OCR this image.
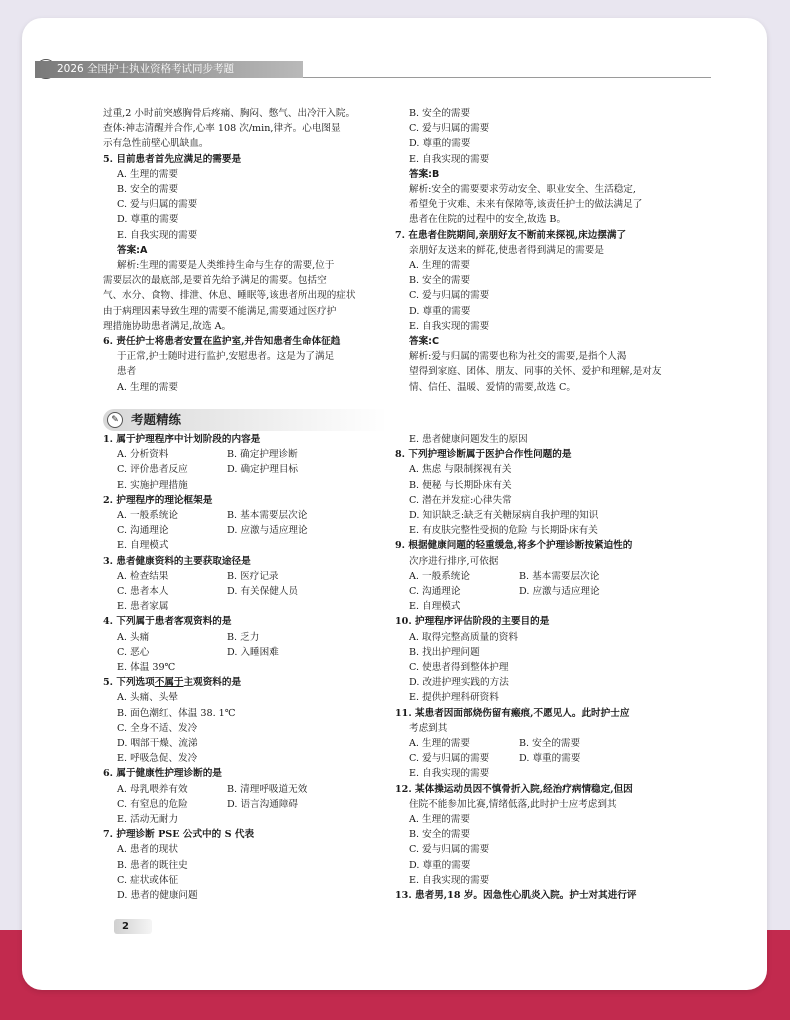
2026 全国护士执业资格考试同步考题
过重,2 小时前突感胸骨后疼痛、胸闷、憋气、出冷汗入院。
查体:神志清醒并合作,心率 108 次/min,律齐。心电图显
示有急性前壁心肌缺血。
5. 目前患者首先应满足的需要是
A. 生理的需要
B. 安全的需要
C. 爱与归属的需要
D. 尊重的需要
E. 自我实现的需要
答案:A
解析:生理的需要是人类维持生命与生存的需要,位于
需要层次的最底部,是要首先给予满足的需要。包括空
气、水分、食物、排泄、休息、睡眠等,该患者所出现的症状
由于病理因素导致生理的需要不能满足,需要通过医疗护
理措施协助患者满足,故选 A。
6. 责任护士将患者安置在监护室,并告知患者生命体征趋
于正常,护士随时进行监护,安慰患者。这是为了满足
患者
A. 生理的需要
B. 安全的需要
C. 爱与归属的需要
D. 尊重的需要
E. 自我实现的需要
答案:B
解析:安全的需要要求劳动安全、职业安全、生活稳定,
希望免于灾难、未来有保障等,该责任护士的做法满足了
患者在住院的过程中的安全,故选 B。
7. 在患者住院期间,亲朋好友不断前来探视,床边摆满了
亲朋好友送来的鲜花,使患者得到满足的需要是
A. 生理的需要
B. 安全的需要
C. 爱与归属的需要
D. 尊重的需要
E. 自我实现的需要
答案:C
解析:爱与归属的需要也称为社交的需要,是指个人渴
望得到家庭、团体、朋友、同事的关怀、爱护和理解,是对友
情、信任、温暖、爱情的需要,故选 C。
考题精练
✎
1. 属于护理程序中计划阶段的内容是
A. 分析资料	B. 确定护理诊断
C. 评价患者反应	D. 确定护理目标
E. 实施护理措施
2. 护理程序的理论框架是
A. 一般系统论	B. 基本需要层次论
C. 沟通理论	D. 应激与适应理论
E. 自理模式
3. 患者健康资料的主要获取途径是
A. 检查结果	B. 医疗记录
C. 患者本人	D. 有关保健人员
E. 患者家属
4. 下列属于患者客观资料的是
A. 头痛	B. 乏力
C. 恶心	D. 入睡困难
E. 体温 39℃
5. 下列选项不属于主观资料的是
A. 头痛、头晕
B. 面色潮红、体温 38. 1℃
C. 全身不适、发冷
D. 咽部干燥、流涕
E. 呼吸急促、发冷
6. 属于健康性护理诊断的是
A. 母乳喂养有效	B. 清理呼吸道无效
C. 有窒息的危险	D. 语言沟通障碍
E. 活动无耐力
7. 护理诊断 PSE 公式中的 S 代表
A. 患者的现状
B. 患者的既往史
C. 症状或体征
D. 患者的健康问题
E. 患者健康问题发生的原因
8. 下列护理诊断属于医护合作性问题的是
A. 焦虑 与限制探视有关
B. 便秘 与长期卧床有关
C. 潜在并发症:心律失常
D. 知识缺乏:缺乏有关糖尿病自我护理的知识
E. 有皮肤完整性受损的危险 与长期卧床有关
9. 根据健康问题的轻重缓急,将多个护理诊断按紧迫性的
次序进行排序,可依据
A. 一般系统论	B. 基本需要层次论
C. 沟通理论	D. 应激与适应理论
E. 自理模式
10. 护理程序评估阶段的主要目的是
A. 取得完整高质量的资料
B. 找出护理问题
C. 使患者得到整体护理
D. 改进护理实践的方法
E. 提供护理科研资料
11. 某患者因面部烧伤留有瘢痕,不愿见人。此时护士应
考虑到其
A. 生理的需要	B. 安全的需要
C. 爱与归属的需要	D. 尊重的需要
E. 自我实现的需要
12. 某体操运动员因不慎骨折入院,经治疗病情稳定,但因
住院不能参加比赛,情绪低落,此时护士应考虑到其
A. 生理的需要
B. 安全的需要
C. 爱与归属的需要
D. 尊重的需要
E. 自我实现的需要
13. 患者男,18 岁。因急性心肌炎入院。护士对其进行评
2
